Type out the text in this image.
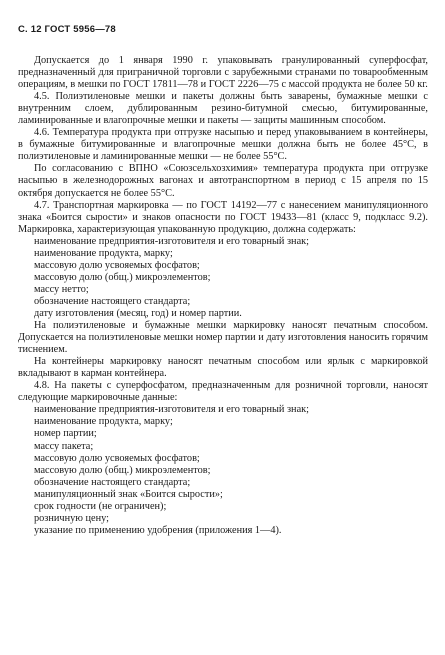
С. 12 ГОСТ 5956—78

Допускается до 1 января 1990 г. упаковывать гранулированный суперфосфат, предназначенный для приграничной торговли с зарубежными странами по товарообменным операциям, в мешки по ГОСТ 17811—78 и ГОСТ 2226—75 с массой продукта не более 50 кг.

4.5. Полиэтиленовые мешки и пакеты должны быть заварены, бумажные мешки с внутренним слоем, дублированным резино-битумной смесью, битумированные, ламинированные и влагопрочные мешки и пакеты — защиты машинным способом.

4.6. Температура продукта при отгрузке насыпью и перед упаковыванием в контейнеры, в бумажные битумированные и влагопрочные мешки должна быть не более 45°С, в полиэтиленовые и ламинированные мешки — не более 55°С.

По согласованию с ВПНО «Союзсельхозхимия» температура продукта при отгрузке насыпью в железнодорожных вагонах и автотранспортном в период с 15 апреля по 15 октября допускается не более 55°С.

4.7. Транспортная маркировка — по ГОСТ 14192—77 с нанесением манипуляционного знака «Боится сырости» и знаков опасности по ГОСТ 19433—81 (класс 9, подкласс 9.2). Маркировка, характеризующая упакованную продукцию, должна содержать:

наименование предприятия-изготовителя и его товарный знак;

наименование продукта, марку;

массовую долю усвояемых фосфатов;

массовую долю (общ.) микроэлементов;

массу нетто;

обозначение настоящего стандарта;

дату изготовления (месяц, год) и номер партии.

На полиэтиленовые и бумажные мешки маркировку наносят печатным способом. Допускается на полиэтиленовые мешки номер партии и дату изготовления наносить горячим тиснением.

На контейнеры маркировку наносят печатным способом или ярлык с маркировкой вкладывают в карман контейнера.

4.8. На пакеты с суперфосфатом, предназначенным для розничной торговли, наносят следующие маркировочные данные:

наименование предприятия-изготовителя и его товарный знак;

наименование продукта, марку;

номер партии;

массу пакета;

массовую долю усвояемых фосфатов;

массовую долю (общ.) микроэлементов;

обозначение настоящего стандарта;

манипуляционный знак «Боится сырости»;

срок годности (не ограничен);

розничную цену;

указание по применению удобрения (приложения 1—4).
